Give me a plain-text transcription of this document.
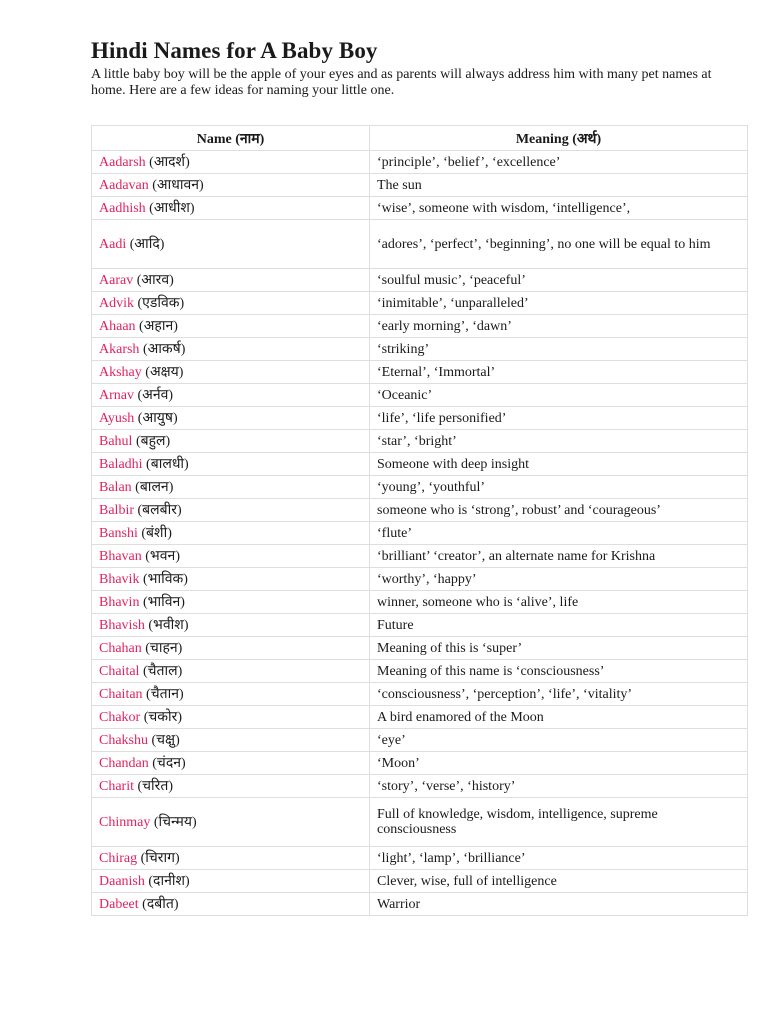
Hindi Names for A Baby Boy

A little baby boy will be the apple of your eyes and as parents will always address him with many pet names at home. Here are a few ideas for naming your little one.

Name (नाम)	Meaning (अर्थ)
Aadarsh (आदर्श)	‘principle’, ‘belief’, ‘excellence’
Aadavan (आधावन)	The sun
Aadhish (आधीश)	‘wise’, someone with wisdom, ‘intelligence’,
Aadi (आदि)	‘adores’, ‘perfect’, ‘beginning’, no one will be equal to him
Aarav (आरव)	‘soulful music’, ‘peaceful’
Advik (एडविक)	‘inimitable’, ‘unparalleled’
Ahaan (अहान)	‘early morning’, ‘dawn’
Akarsh (आकर्ष)	‘striking’
Akshay (अक्षय)	‘Eternal’, ‘Immortal’
Arnav (अर्नव)	‘Oceanic’
Ayush (आयुष)	‘life’, ‘life personified’
Bahul (बहुल)	‘star’, ‘bright’
Baladhi (बालधी)	Someone with deep insight
Balan (बालन)	‘young’, ‘youthful’
Balbir (बलबीर)	someone who is ‘strong’, robust’ and ‘courageous’
Banshi (बंशी)	‘flute’
Bhavan (भवन)	‘brilliant’ ‘creator’, an alternate name for Krishna
Bhavik (भाविक)	‘worthy’, ‘happy’
Bhavin (भाविन)	winner, someone who is ‘alive’, life
Bhavish (भवीश)	Future
Chahan (चाहन)	Meaning of this is ‘super’
Chaital (चैताल)	Meaning of this name is ‘consciousness’
Chaitan (चैतान)	‘consciousness’, ‘perception’, ‘life’, ‘vitality’
Chakor (चकोर)	A bird enamored of the Moon
Chakshu (चक्षु)	‘eye’
Chandan (चंदन)	‘Moon’
Charit (चरित)	‘story’, ‘verse’, ‘history’
Chinmay (चिन्मय)	Full of knowledge, wisdom, intelligence, supreme consciousness
Chirag (चिराग)	‘light’, ‘lamp’, ‘brilliance’
Daanish (दानीश)	Clever, wise, full of intelligence
Dabeet (दबीत)	Warrior
